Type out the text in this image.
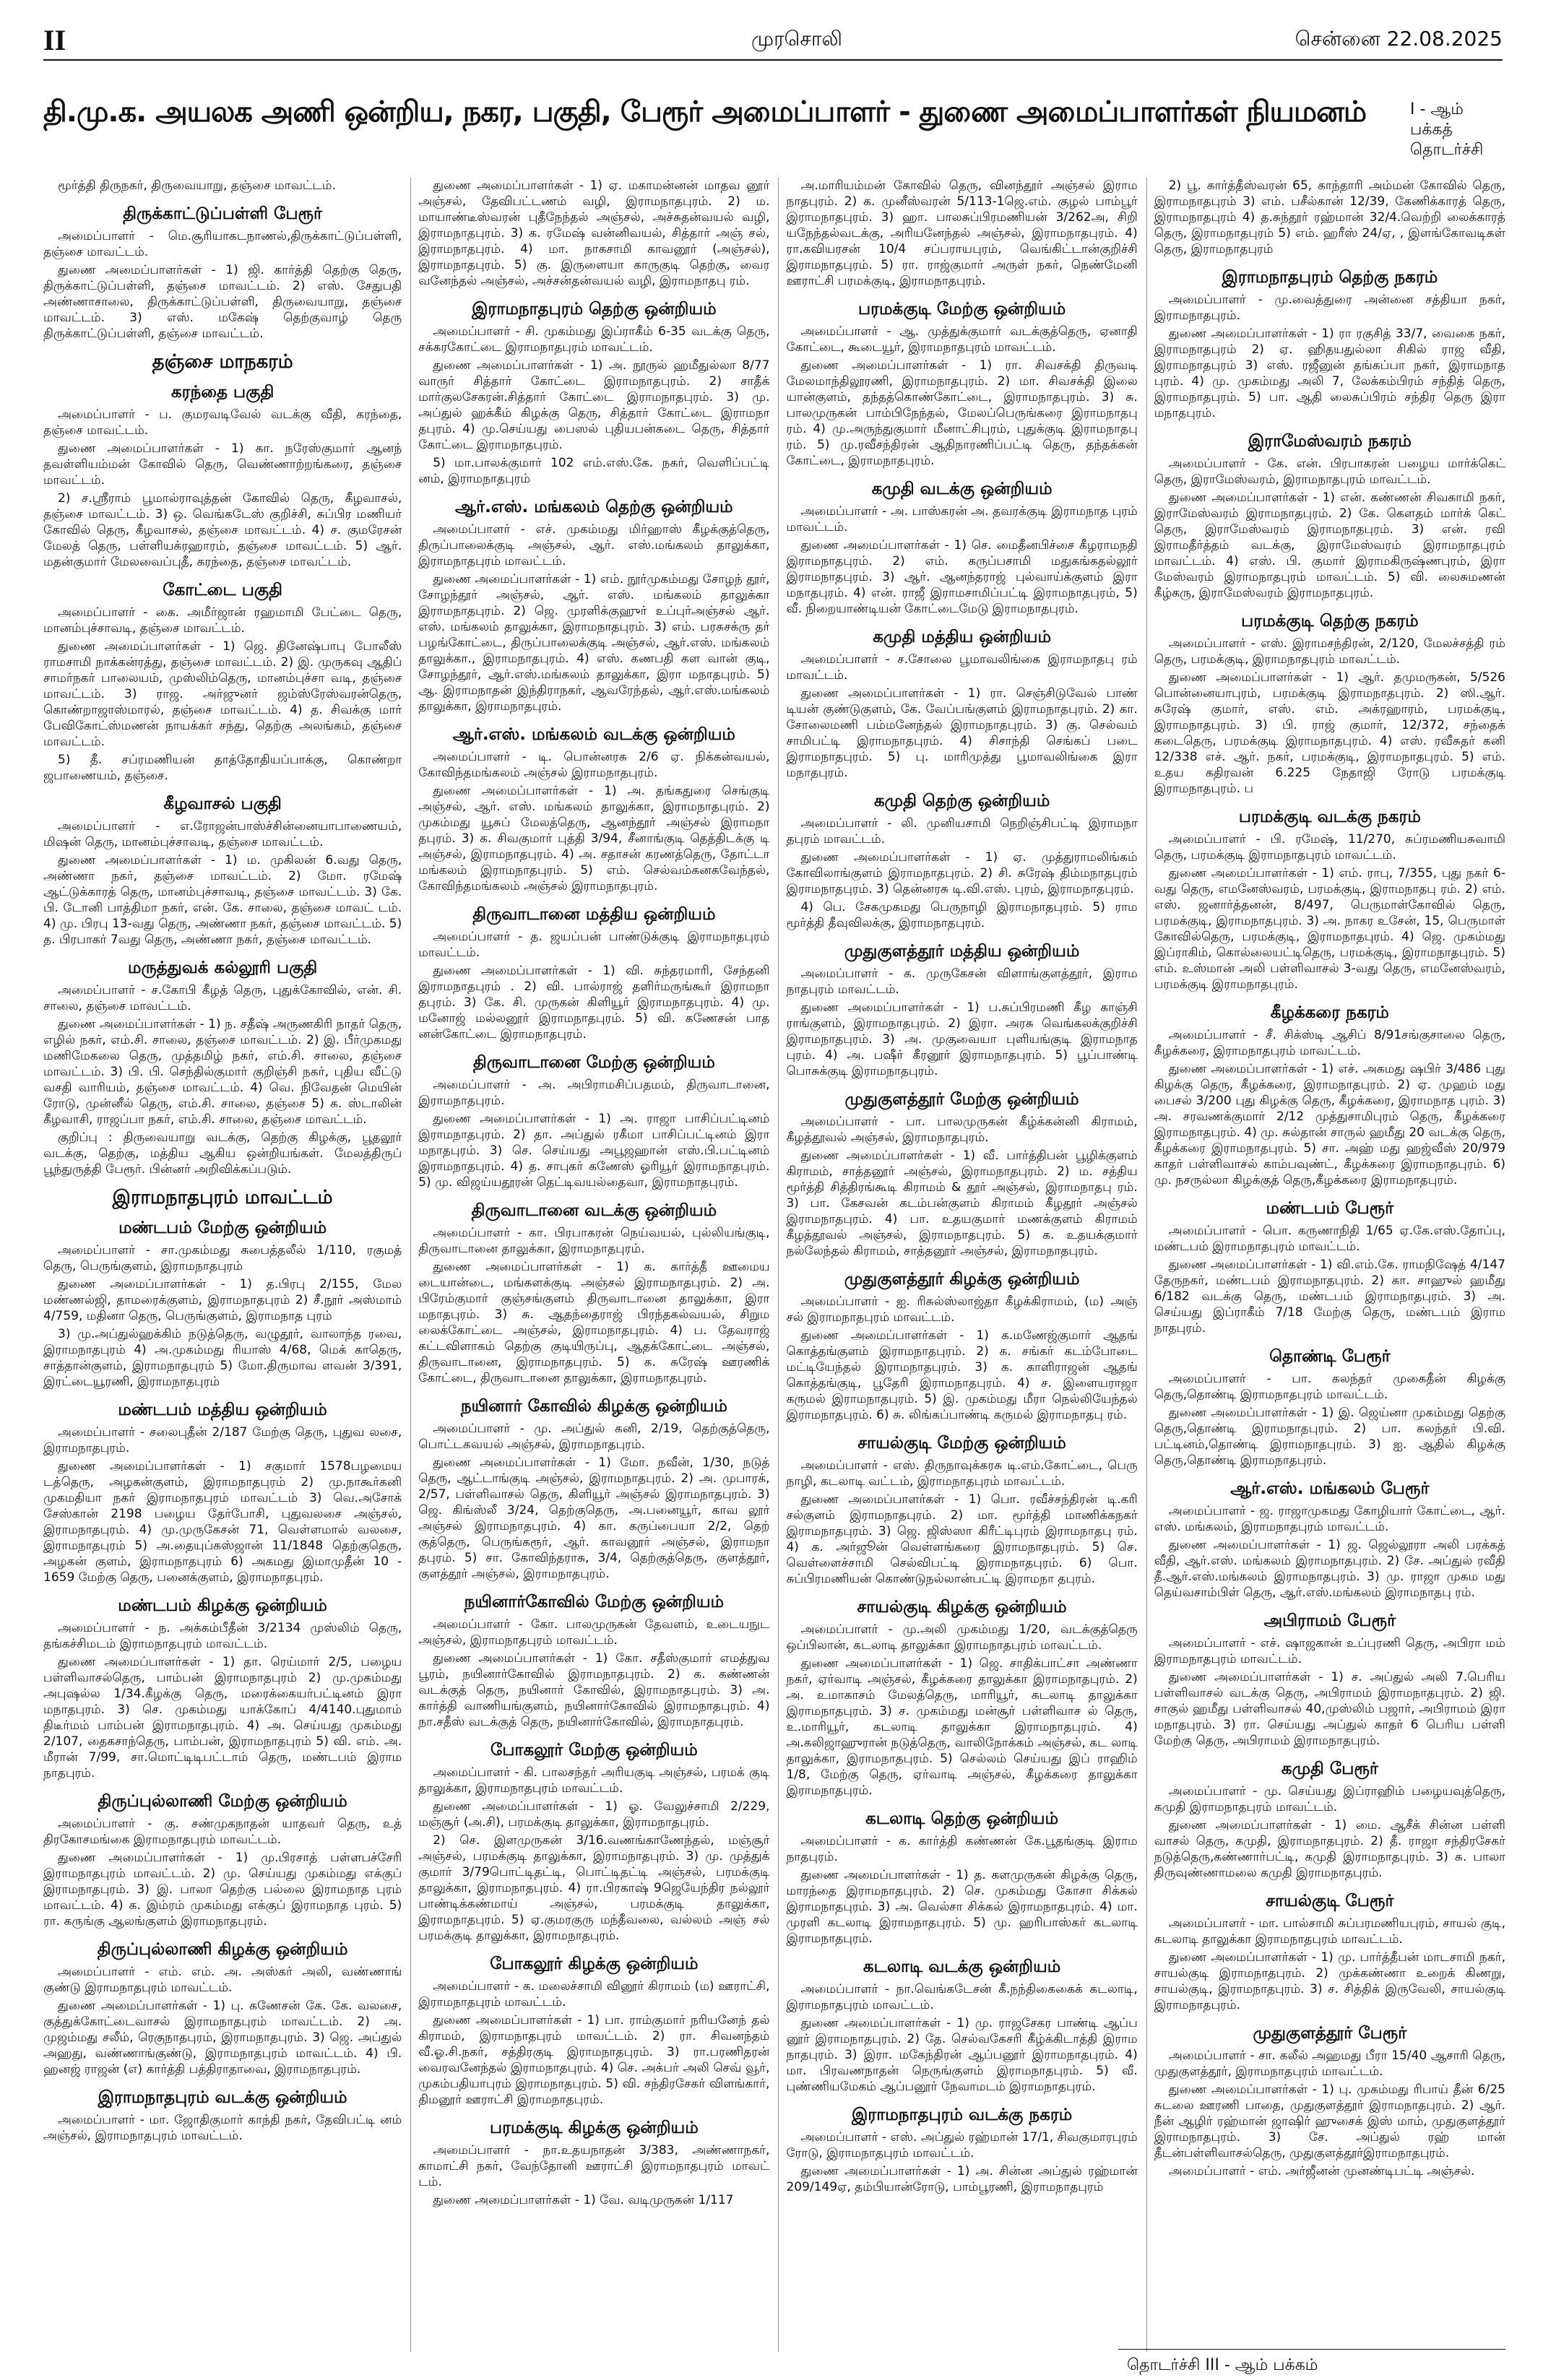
II	முரசொலி	சென்னை 22.08.2025
தி.மு.க. அயலக அணி ஒன்றிய, நகர, பகுதி, பேரூர் அமைப்பாளர் - துணை அமைப்பாளர்கள் நியமனம்	I - ஆம் பக்கத் தொடர்ச்சி
மூர்த்தி திருநகர், திருவையாறு, தஞ்சை மாவட்டம்.
திருக்காட்டுப்பள்ளி பேரூர்
அமைப்பாளர் - மெ.சூரியாகடநாணல்,திருக்காட்டுப்பள்ளி, தஞ்சை மாவட்டம்.
துணை அமைப்பாளர்கள் - 1) ஜி. கார்த்தி தெற்கு தெரு, திருக்காட்டுப்பள்ளி, தஞ்சை மாவட்டம். 2) எஸ். சேதுபதி அண்ணாசாலை, திருக்காட்டுப்பள்ளி, திருவையாறு, தஞ்சை மாவட்டம். 3) எஸ். மகேஷ் தெற்குவாழ் தெரு திருக்காட்டுப்பள்ளி, தஞ்சை மாவட்டம்.
தஞ்சை மாநகரம்
கரந்தை பகுதி
அமைப்பாளர் - ப. குமரவடிவேல் வடக்கு வீதி, கரந்தை, தஞ்சை மாவட்டம்.
துணை அமைப்பாளர்கள் - 1) கா. நரேஸ்குமார் ஆனந் தவள்ளியம்மன் கோவில் தெரு, வெண்ணாற்றங்கரை, தஞ்சை மாவட்டம்.
2) ச.ஸ்ரீராம் பூமால்ராவுத்தன் கோவில் தெரு, கீழவாசல், தஞ்சை மாவட்டம். 3) ஒ. வெங்கடேஸ் குறிச்சி, சுப்பிர மணியர் கோவில் தெரு, கீழவாசல், தஞ்சை மாவட்டம். 4) ச. குமரேசன் மேலத் தெரு, பள்ளியக்ரஹாரம், தஞ்சை மாவட்டம். 5) ஆர். மதன்குமார் மேலவைப்புதீ, கரந்தை, தஞ்சை மாவட்டம்.
கோட்டை பகுதி
அமைப்பாளர் - கை. அமீர்ஜான் ரஹமாமி பேட்டை தெரு, மானம்புச்சாவடி, தஞ்சை மாவட்டம்.
துணை அமைப்பாளர்கள் - 1) ஜெ. தினேஷ்பாபு போலீஸ் ராமசாமி நாக்கன்ரத்து, தஞ்சை மாவட்டம். 2) இ. முருகவு ஆதிப் சாமர்நகர் பாலையம், முஸ்லிம்தெரு, மானம்புச்சா வடி, தஞ்சை மாவட்டம். 3) ராஜ. அர்ஜுனர் ஜம்ஸ்ரேஸ்வரன்தெரு, கொண்றாஜாஸ்மாரல், தஞ்சை மாவட்டம். 4) த. சிவக்கு மார் பேவிகோட்ஸ்மணன் நாயக்கர் சந்து, தெற்கு அலங்கம், தஞ்சை மாவட்டம்.
5) தீ. சப்ரமணியன் தாத்தோதியப்பாக்கு, கொண்றா ஜபாணையம், தஞ்சை.
கீழவாசல் பகுதி
அமைப்பாளர் - எ.ரோஜன்பாஸ்ச்சின்னையாபாணையம், மிஷன் தெரு, மானம்புச்சாவடி, தஞ்சை மாவட்டம்.
துணை அமைப்பாளர்கள் - 1) ம. முகிலன் 6.வது தெரு, அண்ணா நகர், தஞ்சை மாவட்டம். 2) மோ. ரமேஷ் ஆட்டுக்காரத் தெரு, மானம்புச்சாவடி, தஞ்சை மாவட்டம். 3) கே. பி. டோனி பாத்திமா நகர், என். கே. சாலை, தஞ்சை மாவட் டம். 4) மு. பிரபு 13-வது தெரு, அண்ணா நகர், தஞ்சை மாவட்டம். 5) த. பிரபாகர் 7வது தெரு, அண்ணா நகர், தஞ்சை மாவட்டம்.
மருத்துவக் கல்லூரி பகுதி
அமைப்பாளர் - ச.கோபி கீழத் தெரு, புதுக்கோவில், என். சி. சாலை, தஞ்சை மாவட்டம்.
துணை அமைப்பாளர்கள் - 1) ந. சதீஷ் அருணகிரி நாதர் தெரு, எழில் நகர், எம்.சி. சாலை, தஞ்சை மாவட்டம். 2) இ. பீர்முகமது மணிமேகலை தெரு, முத்தமிழ் நகர், எம்.சி. சாலை, தஞ்சை மாவட்டம். 3) பி. பி. செந்தில்குமார் குறிஞ்சி நகர், புதிய வீட்டு வசதி வாரியம், தஞ்சை மாவட்டம். 4) வெ. நிவேதன் மெயின் ரோடு, முன்னீல் தெரு, எம்.சி. சாலை, தஞ்சை 5) க. ஸ்டாலின் கீழவாசி, ராஜப்பா நகர், எம்.சி. சாலை, தஞ்சை மாவட்டம்.
குறிப்பு : திருவையாறு வடக்கு, தெற்கு கிழக்கு, பூதலூர் வடக்கு, தெற்கு, மத்திய ஆகிய ஒன்றியங்கள். மேலத்திருப் பூந்துருத்தி பேரூர். பின்னர் அறிவிக்கப்படும்.
இராமநாதபுரம் மாவட்டம்
மண்டபம் மேற்கு ஒன்றியம்
அமைப்பாளர் - சா.முகம்மது சுபைத்தலீல் 1/110, ரகுமத் தெரு, பெருங்குளம், இராமநாதபுரம்
துணை அமைப்பாளர்கள் - 1) த.பிரபு 2/155, மேல மண்ணல்ஜி, தாமரைக்குளம், இராமநாதபுரம் 2) சீ.நூர் அஸ்மாம் 4/759, மதினா தெரு, பெருங்குளம், இராமநாத புரம்
3) மு.அப்துல்ஹக்கிம் நடுத்தெரு, வழுதூர், வாலாந்த ரவை, இராமநாதபுரம் 4) அ.முகம்மது ரியாஸ் 4/68, மெக் காதெரு, சாத்தான்குளம், இராமநாதபுரம் 5) மோ.திருமாவ ளவன் 3/391, இரட்டையூரணி, இராமநாதபுரம்
மண்டபம் மத்திய ஒன்றியம்
அமைப்பாளர் - சலைபுதீன் 2/187 மேற்கு தெரு, புதுவ லசை, இராமநாதபுரம்.
துணை அமைப்பாளர்கள் - 1) சகுமார் 1578பழமைய டத்தெரு, அழகன்குளம், இராமநாதபுரம் 2) மு.நாகூர்கனி முகமதியா நகர் இராமநாதபுரம் மாவட்டம் 3) வெ.அசோக் சேஸ்கான் 2198 பழைய தேர்போசி, புதுவலசை அஞ்சல், இராமநாதபுரம். 4) மு.முருகேசன் 71, வெள்ளமால் வலசை, இராமநாதபுரம் 5) அ.தையுப்கஸ்ஜான் 11/1848 தெற்குதெரு, அழகன் குளம், இராமநாதபுரம் 6) அகமது இமாமுதீன் 10 - 1659 மேற்கு தெரு, பனைக்குளம், இராமநாதபுரம்.
மண்டபம் கிழக்கு ஒன்றியம்
அமைப்பாளர் - ந. அக்கம்பீதீன் 3/2134 முஸ்லிம் தெரு, தங்கச்சிமடம் இராமநாதபுரம் மாவட்டம்.
துணை அமைப்பாளர்கள் - 1) தா. ரெய்மார் 2/5, பழைய பள்ளிவாசல்தெரு, பாம்பன் இராமநாதபுரம் 2) மு.முகம்மது அபுஷல்ல 1/34.கீழக்கு தெரு, மரைக்கையர்பட்டினம் இரா மநாதபுரம். 3) செ. முகம்மது யாக்கோப் 4/4140.புதுமாம் திடீர்மம் பாம்பன் இராமநாதபுரம். 4) அ. செய்யது முகம்மது 2/107, தைகசாந்தெரு, பாம்பன், இராமநாதபுரம் 5) வி. எம். அ. மீரான் 7/99, சா.மொட்டிடிபட்டாம் தெரு, மண்டபம் இராம நாதபுரம்.
திருப்புல்லாணி மேற்கு ஒன்றியம்
அமைப்பாளர் - கு. சண்முகநாதன் யாதவர் தெரு, உத் திரகோசமங்கை இராமநாதபுரம் மாவட்டம்.
துணை அமைப்பாளர்கள் - 1) மு.பிரசாத் பள்ளபச்சேரி இராமநாதபுரம் மாவட்டம். 2) மு. செய்யது முகம்மது எக்குப் இராமநாதபுரம். 3) இ. பாலா தெற்கு பல்லை இராமநாத புரம் மாவட்டம். 4) க. இம்ரம் முகம்மது எக்குப் இராமநாத புரம். 5) ரா. கருங்கு ஆலங்குளம் இராமநாதபுரம்.
திருப்புல்லாணி கிழக்கு ஒன்றியம்
அமைப்பாளர் - எம். எம். அ. அஸ்கர் அலி, வண்ணாங் குண்டு இராமநாதபுரம் மாவட்டம்.
துணை அமைப்பாளர்கள் - 1) பு. கணேசன் கே. கே. வலசை, குத்துக்கோட்டைவாசல் இராமநாதபுரம் மாவட்டம். 2) அ. முஜம்மது சலீம், ரெகுநாதபுரம், இராமநாதபுரம். 3) ஜெ. அப்துல் அஹது, வண்ணாங்குண்டு, இராமநாதபுரம் மாவட்டம். 4) பி. ஹனஜ் ராஜன் (எ) கார்த்தி பத்திராதாவை, இராமநாதபுரம்.
இராமநாதபுரம் வடக்கு ஒன்றியம்
அமைப்பாளர் - மா. ஜோதிகுமார் காந்தி நகர், தேவிபட்டி னம் அஞ்சல், இராமநாதபுரம் மாவட்டம்.
துணை அமைப்பாளர்கள் - 1) ஏ. மகாமன்னன் மாதவ னூர் அஞ்சல், தேவிபட்டணம் வழி, இராமநாதபுரம். 2) ம. மாயாண்டீஸ்வரன் புதீநேந்தல் அஞ்சல், அச்சுதன்வயல் வழி, இராமநாதபுரம். 3) க. ரமேஷ் வன்னிவயல், சித்தார் அஞ் சல், இராமநாதபுரம். 4) மா. நாகசாமி காவனூர் (அஞ்சல்), இராமநாதபுரம். 5) கு. இருளையா காருகுடி தெற்கு, வைர வனேந்தல் அஞ்சல், அச்சன்தன்வயல் வழி, இராமநாதபு ரம்.
இராமநாதபுரம் தெற்கு ஒன்றியம்
அமைப்பாளர் - சி. முகம்மது இப்ராகீம் 6-35 வடக்கு தெரு, சக்கரகோட்டை இராமநாதபுரம் மாவட்டம்.
துணை அமைப்பாளர்கள் - 1) அ. நூருல் ஹமீதுல்லா 8/77 வாருர் சித்தார் கோட்டை இராமநாதபுரம். 2) சாதீக் மார்குலசேகரன்.சித்தார் கோட்டை இராமநாதபுரம். 3) மு. அப்துல் ஹக்கீம் கிழக்கு தெரு, சித்தார் கோட்டை இராமநா தபுரம். 4) மு.செய்யது பைஸல் புதியபன்கடை தெரு, சித்தார் கோட்டை இராமநாதபுரம்.
5) மா.பாலக்குமார் 102 எம்.எஸ்.கே. நகர், வெளிப்பட்டி னம், இராமநாதபுரம்
ஆர்.எஸ். மங்கலம் தெற்கு ஒன்றியம்
அமைப்பாளர் - எச். முகம்மது மிர்ஹாஸ் கீழக்குத்தெரு, திருப்பாலைக்குடி அஞ்சல், ஆர். எஸ்.மங்கலம் தாலுக்கா, இராமநாதபுரம் மாவட்டம்.
துணை அமைப்பாளர்கள் - 1) எம். நூர்முகம்மது சோழந் தூர், சோழந்தூர் அஞ்சல், ஆர். எஸ். மங்கலம் தாலுக்கா இராமநாதபுரம். 2) ஜெ. முரளிக்குஹுர் உப்புர்அஞ்சல் ஆர். எஸ். மங்கலம் தாலுக்கா, இராமநாதபுரம். 3) எம். பரசுசக்ரு தர் பழங்கோட்டை, திருப்பாலைக்குடி அஞ்சல், ஆர்.எஸ். மங்கலம் தாலுக்கா., இராமநாதபுரம். 4) எஸ். கணபதி கள வான் குடி, சோழந்தூர், ஆர்.எஸ்.மங்கலம் தாலுக்கா, இரா மநாதபுரம். 5) ஆ. இராமநாதன் இந்திராநகர், ஆவரேந்தல், ஆர்.எஸ்.மங்கலம் தாலுக்கா, இராமநாதபுரம்.
ஆர்.எஸ். மங்கலம் வடக்கு ஒன்றியம்
அமைப்பாளர் - டி. பொன்னரசு 2/6 ஏ. நிக்கன்வயல், கோவிந்தமங்கலம் அஞ்சல் இராமநாதபுரம்.
துணை அமைப்பாளர்கள் - 1) அ. தங்கதுரை செங்குடி அஞ்சல், ஆர். எஸ். மங்கலம் தாலுக்கா, இராமநாதபுரம். 2) முகம்மது யூசுப் மேலத்தெரு, ஆனந்தூர் அஞ்சல் இராமநா தபுரம். 3) க. சிவகுமார் புத்தி 3/94, சீனாங்குடி தெத்திடக்கு டி அஞ்சல், இராமநாதபுரம். 4) அ. சதாசன் கரணத்தெரு, தோட்டா மங்கலம் இராமநாதபுரம். 5) எம். செல்வம்கனகவேந்தல், கோவிந்தமங்கலம் அஞ்சல் இராமநாதபுரம்.
திருவாடானை மத்திய ஒன்றியம்
அமைப்பாளர் - த. ஜயப்பன் பாண்டுக்குடி இராமநாதபுரம் மாவட்டம்.
துணை அமைப்பாளர்கள் - 1) வி. சுந்தரமாரி, சேந்தனி இராமநாதபுரம் . 2) வி. பால்ராஜ் தளிர்மருங்கூர் இராமநா தபுரம். 3) கே. சி. முருகன் கிளியூர் இராமநாதபுரம். 4) மு. மனோஜ் மல்லனூர் இராமநாதபுரம். 5) வி. கணேசன் பாத னன்கோட்டை இராமநாதபுரம்.
திருவாடானை மேற்கு ஒன்றியம்
அமைப்பாளர் - அ. அபிராமசிப்பதமம், திருவாடானை, இராமநாதபுரம்.
துணை அமைப்பாளர்கள் - 1) அ. ராஜா பாசிப்பட்டினம் இராமநாதபுரம். 2) தா. அப்துல் ரகீமா பாசிப்பட்டினம் இரா மநாதபுரம். 3) செ. செய்யது அபூஜஹான் எஸ்.பி.பட்டினம் இராமநாதபுரம். 4) த. சாபுகர் கணேஸ் ஓரியூர் இராமநாதபுரம். 5) மு. விஜய்யதூரன் தெட்டிவயல்தைவா, இராமநாதபுரம்.
திருவாடானை வடக்கு ஒன்றியம்
அமைப்பாளர் - கா. பிரபாகரன் நெய்வயல், புல்லியங்குடி, திருவாடானை தாலுக்கா, இராமநாதபுரம்.
துணை அமைப்பாளர்கள் - 1) க. கார்த்தீ ஊமைய டையான்டை, மங்களக்குடி அஞ்சல் இராமநாதபுரம். 2) அ. பிரேம்குமார் குஞ்சங்குளம் திருவாடானை தாலுக்கா, இரா மநாதபுரம். 3) சு. ஆதந்தைராஜ் பிரந்தகல்வயல், சிறும லைக்கோட்டை அஞ்சல், இராமநாதபுரம். 4) ப. தேவராஜ் கட்டவிளாகம் தெற்கு குடியிருப்பு, ஆதக்கோட்டை அஞ்சல், திருவாடானை, இராமநாதபுரம். 5) க. சுரேஷ் ஊரணிக் கோட்டை, திருவாடானை தாலுக்கா, இராமநாதபுரம்.
நயினார் கோவில் கிழக்கு ஒன்றியம்
அமைப்பாளர் - மு. அப்துல் கனி, 2/19, தெற்குத்தெரு, பொட்டகவயல் அஞ்சல், இராமநாதபுரம்.
துணை அமைப்பாளர்கள் - 1) மோ. நவீன், 1/30, நடுத் தெரு, ஆட்டாங்குடி அஞ்சல், இராமநாதபுரம். 2) அ. முபாரக், 2/57, பள்ளிவாசல் தெரு, கிளியூர் அஞ்சல் இராமநாதபுரம். 3) ஜெ. கிங்ஸ்லீ 3/24, தெற்குதெரு, அ.பனையூர், காவ லூர் அஞ்சல் இராமநாதபுரம். 4) கா. கருப்பையா 2/2, தெற் குத்தெரு, பெருங்கரூர், ஆர். காவனூர் அஞ்சல், இராமநா தபுரம். 5) சா. கோவிந்தராசு, 3/4, தெற்குத்தெரு, குளத்தூர், குளத்தூர் அஞ்சல், இராமநாதபுரம்.
நயினார்கோவில் மேற்கு ஒன்றியம்
அமைப்பாளர் - கோ. பாலமுருகன் தேவளம், உடையநுட அஞ்சல், இராமநாதபுரம் மாவட்டம்.
துணை அமைப்பாளர்கள் - 1) கோ. சதீஸ்குமார் எமத்துவ பூரம், நயினார்கோவில் இராமநாதபுரம். 2) க. கண்ணன் வடக்குத் தெரு, நயினார் கோவில், இராமநாதபுரம். 3) அ. கார்த்தி வாணியங்குளம், நயினார்கோவில் இராமநாதபுரம். 4) நா.சதீஸ் வடக்குத் தெரு, நயினார்கோவில், இராமநாதபுரம்.
போகலூர் மேற்கு ஒன்றியம்
அமைப்பாளர் - கி. பாலசந்தர் அரியகுடி அஞ்சல், பரமக் குடி தாலுக்கா, இராமநாதபுரம் மாவட்டம்.
துணை அமைப்பாளர்கள் - 1) ஓ. வேலுச்சாமி 2/229, மஞ்சூர் (அ.சி), பரமக்குடி தாலுக்கா, இராமநாதபுரம்.
2) செ. இளமுருகன் 3/16.வணங்காணேந்தல், மஞ்சூர் அஞ்சல், பரமக்குடி தாலுக்கா, இராமநாதபுரம். 3) மு. முத்துக் குமார் 3/79பொட்டிதட்டி, பொட்டிதட்டி அஞ்சல், பரமக்குடி தாலுக்கா, இராமநாதபுரம். 4) ரா.பிரகாஷ் 9ஜெயேந்திர நல்லூர் பாண்டிக்கண்மாய் அஞ்சல், பரமக்குடி தாலுக்கா, இராமநாதபுரம். 5) ஏ.குமரகுரு மந்தீவலை, வல்லம் அஞ் சல் பரமக்குடி தாலுக்கா, இராமநாதபுரம்.
போகலூர் கிழக்கு ஒன்றியம்
அமைப்பாளர் - க. மலைச்சாமி வினூர் கிராமம் (ம) ஊராட்சி, இராமநாதபுரம் மாவட்டம்.
துணை அமைப்பாளர்கள் - 1) பா. ராம்குமார் நரியனேந் தல் கிராமம், இராமநாதபுரம் மாவட்டம். 2) ரா. சிவனந்தம் வீ.ஓ.சி.நகர், சத்திரகுடி இராமநாதபுரம். 3) ரா.பரணிதரன் வைரவனேந்தல் இராமநாதபுரம். 4) செ. அக்பர் அலி செவ் வூர், முகம்பதியாபுரம் இராமநாதபுரம். 5) வி. சந்திரசேகர் விளங்கார், திமனூர் ஊராட்சி இராமநாதபுரம்.
பரமக்குடி கிழக்கு ஒன்றியம்
அமைப்பாளர் - நா.உதயநாதன் 3/383, அண்ணாநகர், காமாட்சி நகர், வேந்தோனி ஊராட்சி இராமநாதபுரம் மாவட் டம்.
துணை அமைப்பாளர்கள் - 1) வே. வடிமுருகன் 1/117
அ.மாரியம்மன் கோவில் தெரு, வினந்தூர் அஞ்சல் இராம நாதபுரம். 2) க. முனீஸ்வரன் 5/113-1ஜெ.எம். குழல் பாம்பூர் இராமநாதபுரம். 3) ஹா. பாலசுப்பிரமணியன் 3/262அ, சிறி யநேந்தல்வடக்கு, அரியனேந்தல் அஞ்சல், இராமநாதபுரம். 4) ரா.கவியரசன் 10/4 சப்பராயபுரம், வெங்கிட்டான்குறிச்சி இராமநாதபுரம். 5) ரா. ராஜ்குமார் அருள் நகர், நெண்மேனி ஊராட்சி பரமக்குடி, இராமநாதபுரம்.
பரமக்குடி மேற்கு ஒன்றியம்
அமைப்பாளர் - ஆ. முத்துக்குமார் வடக்குத்தெரு, ஏனாதி கோட்டை, கூடையூர், இராமநாதபுரம் மாவட்டம்.
துணை அமைப்பாளர்கள் - 1) ரா. சிவசக்தி திருவடி மேலமாந்திலூரணி, இராமநாதபுரம். 2) மா. சிவசக்தி இலை யான்குளம், தந்தத்கொண்கோட்டை, இராமநாதபுரம். 3) சு. பாலமுருகன் பாம்பிநேந்தல், மேலப்பெருங்கரை இராமநாதபு ரம். 4) மு.அருந்துகுமார் மீனாட்சிபுரம், புதுக்குடி இராமநாதபு ரம். 5) மு.ரவீசந்திரன் ஆதிநாரணிப்பட்டி தெரு, தந்தக்கன் கோட்டை, இராமநாதபுரம்.
கமுதி வடக்கு ஒன்றியம்
அமைப்பாளர் - அ. பாஸ்கரன் அ. தவரக்குடி இராமநாத புரம் மாவட்டம்.
துணை அமைப்பாளர்கள் - 1) செ. மைதீனபிச்சை கீழராமநதி இராமநாதபுரம். 2) எம். கருப்பசாமி மதுகங்கதல்லூர் இராமநாதபுரம். 3) ஆர். ஆனந்தராஜ் புல்வாய்க்குளம் இரா மநாதபுரம். 4) என். ராஜீ இராமசாமிப்பட்டி இராமநாதபுரம், 5) வீ. நிறையாண்டியன் கோட்டைமேடு இராமநாதபுரம்.
கமுதி மத்திய ஒன்றியம்
அமைப்பாளர் - ச.சோலை பூமாவலிங்கை இராமநாதபு ரம் மாவட்டம்.
துணை அமைப்பாளர்கள் - 1) ரா. செஞ்சிடுவேல் பாண் டியன் குண்டுகுளம், கே. வேப்பங்குளம் இராமநாதபுரம். 2) கா. சோலைமணி பம்மனேந்தல் இராமநாதபுரம். 3) கு. செல்வம் சாமிபட்டி இராமநாதபுரம். 4) சிசாந்தி செங்கப் படை இராமநாதபுரம். 5) பு. மாரிமுத்து பூமாவலிங்கை இரா மநாதபுரம்.
கமுதி தெற்கு ஒன்றியம்
அமைப்பாளர் - லி. முனியசாமி நெறிஞ்சிபட்டி இராமநா தபுரம் மாவட்டம்.
துணை அமைப்பாளர்கள் - 1) ஏ. முத்துராமலிங்கம் கோவிலாங்குளம் இராமநாதபுரம். 2) சி. சுரேஷ் திம்மநாதபுரம் இராமநாதபுரம். 3) தென்னரசு டி.வி.எஸ். புரம், இராமநாதபுரம்.
4) பெ. சேகமுகமது பெருநாழி இராமநாதபுரம். 5) ராம மூர்த்தி தீவுவிலக்கு, இராமநாதபுரம்.
முதுகுளத்தூர் மத்திய ஒன்றியம்
அமைப்பாளர் - க. முருகேசன் விளாங்குளத்தூர், இராம நாதபுரம் மாவட்டம்.
துணை அமைப்பாளர்கள் - 1) ப.சுப்பிரமணி கீழ காஞ்சி ராங்குளம், இராமநாதபுரம். 2) இரா. அரசு வெங்கலக்குறிச்சி இராமநாதபுரம். 3) அ. முகுவையா புளியங்குடி இராமநாத புரம். 4) அ. பஷீர் கீரனூர் இராமநாதபுரம். 5) பூப்பாண்டி பொசுக்குடி இராமநாதபுரம்.
முதுகுளத்தூர் மேற்கு ஒன்றியம்
அமைப்பாளர் - பா. பாலமுருகன் கீழ்க்கன்னி கிராமம், கீழத்தூவல் அஞ்சல், இராமநாதபுரம்.
துணை அமைப்பாளர்கள் - 1) வீ. பார்த்திபன் பூழிக்குளம் கிராமம், சாத்தனூர் அஞ்சல், இராமநாதபுரம். 2) ம. சத்திய மூர்த்தி சித்திரங்கூடி கிராமம் & தூர் அஞ்சல், இராமநாதபு ரம். 3) பா. கேசவன் கடம்பன்குளம் கிராமம் கீழதூர் அஞ்சல் இராமநாதபுரம். 4) பா. உதயகுமார் மணக்குளம் கிராமம் கீழத்தூவல் அஞ்சல், இராமநாதபுரம். 5) க. உதயக்குமார் நல்லேந்தல் கிராமம், சாத்தனூர் அஞ்சல், இராமநாதபுரம்.
முதுகுளத்தூர் கிழக்கு ஒன்றியம்
அமைப்பாளர் - ஐ. ரிசுல்ஸ்லாஜ்தா கீழக்கிராமம், (ம) அஞ் சல் இராமநாதபுரம் மாவட்டம்.
துணை அமைப்பாளர்கள் - 1) க.மணேஜ்குமார் ஆதங் கொத்தங்குளம் இராமநாதபுரம். 2) க. சங்கர் கடம்போடை மட்டியேந்தல் இராமநாதபுரம். 3) க. காளிராஜன் ஆதங் கொத்தங்குடி, பூதேரி இராமநாதபுரம். 4) ச. இளையராஜா கருமல் இராமநாதபுரம். 5) இ. முகம்மது மீரா நெல்லியேந்தல் இராமநாதபுரம். 6) சு. லிங்கப்பாண்டி கருமல் இராமநாதபு ரம்.
சாயல்குடி மேற்கு ஒன்றியம்
அமைப்பாளர் - எஸ். திருநாவுக்கரசு டி.எம்.கோட்டை, பெரு நாழி, கடலாடி வட்டம், இராமநாதபுரம் மாவட்டம்.
துணை அமைப்பாளர்கள் - 1) பொ. ரவீச்சந்திரன் டி.கரி சல்குளம் இராமநாதபுரம். 2) மா. மூர்த்தி மாணிக்கநகர் இராமநாதபுரம். 3) ஜெ. ஜிஸ்ஸா கிரீட்டிபுரம் இராமநாதபு ரம். 4) க. அர்ஜூன் வெள்ளங்கரை இராமநாதபுரம். 5) செ. வெள்ளைச்சாமி செல்விபட்டி இராமநாதபுரம். 6) பொ. சுப்பிரமணியன் கொண்டுநல்லான்பட்டி இராமநா தபுரம்.
சாயல்குடி கிழக்கு ஒன்றியம்
அமைப்பாளர் - மு.அலி முகம்மது 1/20, வடக்குத்தெரு ஒப்பிலான், கடலாடி தாலுக்கா இராமநாதபுரம் மாவட்டம்.
துணை அமைப்பாளர்கள் - 1) ஜெ. சாதிக்பாட்சா அண்ணா நகர், ஏர்வாடி அஞ்சல், கீழக்கரை தாலுக்கா இராமநாதபுரம். 2) அ. உமாகாசம் மேலத்தெரு, மாரியூர், கடலாடி தாலுக்கா இராமநாதபுரம். 3) ச. முகம்மது மன்சூர் பள்ளிவாச ல் தெரு, உ.மாரியூர், கடலாடி தாலுக்கா இராமநாதபுரம். 4) அ.கலிஜாஹுரான் நடுத்தெரு, வாலிநோக்கம் அஞ்சல், கட லாடி தாலுக்கா, இராமநாதபுரம். 5) செல்லம் செய்யது இப் ராஹிம் 1/8, மேற்கு தெரு, ஏர்வாடி அஞ்சல், கீழக்கரை தாலுக்கா இராமநாதபுரம்.
கடலாடி தெற்கு ஒன்றியம்
அமைப்பாளர் - க. கார்த்தி கண்ணன் கே.பூதங்குடி இராம நாதபுரம்.
துணை அமைப்பாளர்கள் - 1) த. களமுருகன் கிழக்கு தெரு, மாரந்தை இராமநாதபுரம். 2) செ. முகம்மது கோசா சிக்கல் இராமநாதபுரம். 3) அ. வெல்சா சிக்கல் இராமநாதபுரம். 4) மா. முரளி கடலாடி இராமநாதபுரம். 5) மு. ஹரிபாஸ்கர் கடலாடி இராமநாதபுரம்.
கடலாடி வடக்கு ஒன்றியம்
அமைப்பாளர் - நா.வெங்கடேசன் கீ.நந்திகைகைக் கடலாடி, இராமநாதபுரம் மாவட்டம்.
துணை அமைப்பாளர்கள் - 1) மு. ராஜசேகர பாண்டி ஆப்ப னூர் இராமநாதபுரம். 2) தே. செல்வகேசரி கீழ்க்கிடாத்தி இராம நாதபுரம். 3) இரா. மகேந்திரன் ஆப்பனூர் இராமநாதபுரம். 4) மா. பிரவணநாதன் நெருங்குளம் இராமநாதபுரம். 5) வீ. புண்ணியமேகம் ஆப்பனூர் நேவாமடம் இராமநாதபுரம்.
இராமநாதபுரம் வடக்கு நகரம்
அமைப்பாளர் - எஸ். அப்துல் ரஹ்மான் 17/1, சிவகுமாரபுரம் ரோடு, இராமநாதபுரம் மாவட்டம்.
துணை அமைப்பாளர்கள் - 1) அ. சின்ன அப்துல் ரஹ்மான் 209/149ஏ, தம்பியான்ரோடு, பாம்பூரணி, இராமநாதபுரம்
2) பூ. கார்த்தீஸ்வரன் 65, காந்தாரி அம்மன் கோவில் தெரு, இராமநாதபுரம் 3) எம். பசீல்கான் 12/39, கேணிக்காரத் தெரு, இராமநாதபுரம் 4) த.சுந்தூர் ரஹ்மான் 32/4.வெற்றி லைக்காரத் தெரு, இராமநாதபுரம் 5) எம். ஹரீஸ் 24/ஏ, , இளங்கோவடிகள் தெரு, இராமநாதபுரம்
இராமநாதபுரம் தெற்கு நகரம்
அமைப்பாளர் - மு.வைத்துரை அன்னை சத்தியா நகர், இராமநாதபுரம்.
துணை அமைப்பாளர்கள் - 1) ரா ரகுசித் 33/7, வைகை நகர், இராமநாதபுரம் 2) ஏ. ஹிதயதுல்லா சிகில் ராஜ வீதி, இராமநாதபுரம் 3) எஸ். ரஜீனுன் தங்கப்பா நகர், இராமநாத புரம். 4) மு. முகம்மது அலி 7, லேக்கம்பிரம் சந்தித் தெரு, இராமநாதபுரம். 5) பா. ஆதி லைசுப்பிரம் சந்திர தெரு இரா மநாதபுரம்.
இராமேஸ்வரம் நகரம்
அமைப்பாளர் - கே. என். பிரபாகரன் பழைய மார்க்கெட் தெரு, இராமேஸ்வரம், இராமநாதபுரம் மாவட்டம்.
துணை அமைப்பாளர்கள் - 1) என். கண்ணன் சிவகாமி நகர், இராமேஸ்வரம் இராமநாதபுரம். 2) கே. கெளதம் மார்க் கெட் தெரு, இராமேஸ்வரம் இராமநாதபுரம். 3) என். ரவி இராமதீர்த்தம் வடக்கு, இராமேஸ்வரம் இராமநாதபுரம் மாவட்டம். 4) எஸ். பி. குமார் இராமகிருஷ்ணபுரம், இரா மேஸ்வரம் இராமநாதபுரம் மாவட்டம். 5) வி. லைசுமணன் கீழ்கரு, இராமேஸ்வரம் இராமநாதபுரம்.
பரமக்குடி தெற்கு நகரம்
அமைப்பாளர் - எஸ். இராமசந்திரன், 2/120, மேலச்சத்தி ரம் தெரு, பரமக்குடி, இராமநாதபுரம் மாவட்டம்.
துணை அமைப்பாளர்கள் - 1) ஆர். தமுமருகன், 5/526 பொன்னையாபுரம், பரமக்குடி இராமநாதபுரம். 2) ஸி.ஆர். சுரேஷ் குமார், எஸ். எம். அக்ரஹாரம், பரமக்குடி, இராமநாதபுரம். 3) பி. ராஜ் குமார், 12/372, சந்தைக் கடைதெரு, பரமக்குடி இராமநாதபுரம். 4) எஸ். ரவீசுதர் கனி 12/338 எச். ஆர். நகர், பரமக்குடி, இராமநாதபுரம். 5) எம். உதய கதிரவன் 6.225 நேதாஜி ரோடு பரமக்குடி இராமநாதபுரம். ப
பரமக்குடி வடக்கு நகரம்
அமைப்பாளர் - பி. ரமேஷ், 11/270, சுப்ரமணியசுவாமி தெரு, பரமக்குடி இராமநாதபுரம் மாவட்டம்.
துணை அமைப்பாளர்கள் - 1) எம். ராபு, 7/355, புது நகர் 6-வது தெரு, எமனேஸ்வரம், பரமக்குடி, இராமநாதபு ரம். 2) எம். எஸ். ஜனார்த்தனன், 8/497, பெருமாள்கோவில் தெரு, பரமக்குடி, இராமநாதபுரம். 3) அ. நாகர உசேன், 15, பெருமாள் கோவில்தெரு, பரமக்குடி, இராமநாதபுரம். 4) ஜெ. முகம்மது இப்ராகிம், கொல்லையட்டிதெரு, பரமக்குடி, இராமநாதபுரம். 5) எம். உஸ்மான் அலி பள்ளிவாசல் 3-வது தெரு, எமனேஸ்வரம், பரமக்குடி இராமநாதபுரம்.
கீழக்கரை நகரம்
அமைப்பாளர் - சீ. சிக்ஸ்டி ஆசிப் 8/91சங்குசாலை தெரு, கீழக்கரை, இராமநாதபுரம் மாவட்டம்.
துணை அமைப்பாளர்கள் - 1) எச். அகமது ஷபிர் 3/486 புது கிழக்கு தெரு, கீழக்கரை, இராமநாதபுரம். 2) ஏ. முஹம் மது பைசல் 3/200 புது கிழக்கு தெரு, கீழக்கரை, இராமநாத புரம். 3) அ. சரவணக்குமார் 2/12 முத்துசாமிபுரம் தெரு, கீழக்கரை இராமநாதபுரம். 4) மு. சுல்தான் சாருல் ஹமீது 20 வடக்கு தெரு, கீழக்கரை இராமநாதபுரம். 5) சா. அஹ் மது ஹஜ்வீஸ் 20/979 காதர் பள்ளிவாசல் காம்பவுண்ட், கீழக்கரை இராமநாதபுரம். 6) மு. நசருல்லா கிழக்குத் தெரு,கீழக்கரை இராமநாதபுரம்.
மண்டபம் பேரூர்
அமைப்பாளர் - பொ. கருணாநிதி 1/65 ஏ.கே.எஸ்.தோப்பு, மண்டபம் இராமநாதபுரம் மாவட்டம்.
துணை அமைப்பாளர்கள் - 1) வி.எம்.கே. ராமநிஷேத் 4/147 தேருநகர், மண்டபம் இராமநாதபுரம். 2) கா. சாஹுல் ஹமீது 6/182 வடக்கு தெரு, மண்டபம் இராமநாதபுரம். 3) அ. செய்யது இப்ராகீம் 7/18 மேற்கு தெரு, மண்டபம் இராம நாதபுரம்.
தொண்டி பேரூர்
அமைப்பாளர் - பா. கலந்தர் முகைதீன் கிழக்கு தெரு,தொண்டி இராமநாதபுரம் மாவட்டம்.
துணை அமைப்பாளர்கள் - 1) இ. ஜெய்னா முகம்மது தெற்கு தெரு,தொண்டி இராமநாதபுரம். 2) பா. கலந்தர் பி.வி. பட்டினம்,தொண்டி இராமநாதபுரம். 3) ஐ. ஆதில் கிழக்கு தெரு,தொண்டி இராமநாதபுரம்.
ஆர்.எஸ். மங்கலம் பேரூர்
அமைப்பாளர் - ஜ. ராஜாமுகமது கோழியார் கோட்டை, ஆர். எஸ். மங்கலம், இராமநாதபுரம் மாவட்டம்.
துணை அமைப்பாளர்கள் - 1) ஜ. ஜெல்லூரா அலி பரக்கத் வீதி, ஆர்.எஸ். மங்கலம் இராமநாதபுரம். 2) சே. அப்துல் ரவீதி தீ.ஆர்.எஸ்.மங்கலம் இராமநாதபுரம். 3) மு. ராஜா முகம மது தெய்வசாம்பிள் தெரு, ஆர்.எஸ்.மங்கலம் இராமநாதபு ரம்.
அபிராமம் பேரூர்
அமைப்பாளர் - எச். ஷாஜகான் உப்புரணி தெரு, அபிரா மம் இராமநாதபுரம் மாவட்டம்.
துணை அமைப்பாளர்கள் - 1) ச. அப்துல் அலி 7.பெரிய பள்ளிவாசல் வடக்கு தெரு, அபிராமம் இராமநாதபுரம். 2) ஜி. சாகுல் ஹமீது பள்ளிவாசல் 40,முஸ்லிம் பஜார், அபிராமம் இரா மநாதபுரம். 3) ரா. செய்யது அப்துல் காதர் 6 பெரிய பள்ளி மேற்கு தெரு, அபிராமம் இராமநாதபுரம்.
கமுதி பேரூர்
அமைப்பாளர் - மு. செய்யது இப்ராஹிம் பழையவுத்தெரு, கமுதி இராமநாதபுரம் மாவட்டம்.
துணை அமைப்பாளர்கள் - 1) மை. ஆசீக் சின்ன பள்ளி வாசல் தெரு, கமுதி, இராமநாதபுரம். 2) தீ. ராஜா சந்திரசேகர் நடுத்தெரு,கண்ணார்பட்டி, கமுதி இராமநாதபுரம். 3) சு. பாலா திருவுண்ணாமலை கமுதி இராமநாதபுரம்.
சாயல்குடி பேரூர்
அமைப்பாளர் - மா. பால்சாமி சுப்பரமணியபுரம், சாயல் குடி, கடலாடி தாலுக்கா இராமநாதபுரம் மாவட்டம்.
துணை அமைப்பாளர்கள் - 1) மு. பார்த்தீபன் மாடசாமி நகர், சாயல்குடி இராமநாதபுரம். 2) முக்கண்ணா உறைக் கிணறு, சாயல்குடி, இராமநாதபுரம். 3) ச. சித்திக் இருவேலி, சாயல்குடி இராமநாதபுரம்.
முதுகுளத்தூர் பேரூர்
அமைப்பாளர் - சா. கலீல் அஹமது பீரா 15/40 ஆசாரி தெரு, முதுகுளத்தூர், இராமநாதபுரம் மாவட்டம்.
துணை அமைப்பாளர்கள் - 1) பு. முகம்மது ரிபாய் தீன் 6/25 சுடலை ஊரணி பாதை, முதுகுளத்தூர் இராமநாதபுரம். 2) ஆர். நீன் ஆழிர் ரஹ்மான் ஜாஷிர் ஹுசைக் இஸ் மாம், முதுகுளத்தூர் இராமநாதபுரம். 3) சே. அப்துல் ரஹ் மான் தீடன்பள்ளிவாசல்தெரு, முதுகுளத்தூர்இராமநாதபுரம்.
அமைப்பாளர் - எம். அர்ஜீனன் முனண்டிபட்டி அஞ்சல்.
தொடர்ச்சி III - ஆம் பக்கம்
